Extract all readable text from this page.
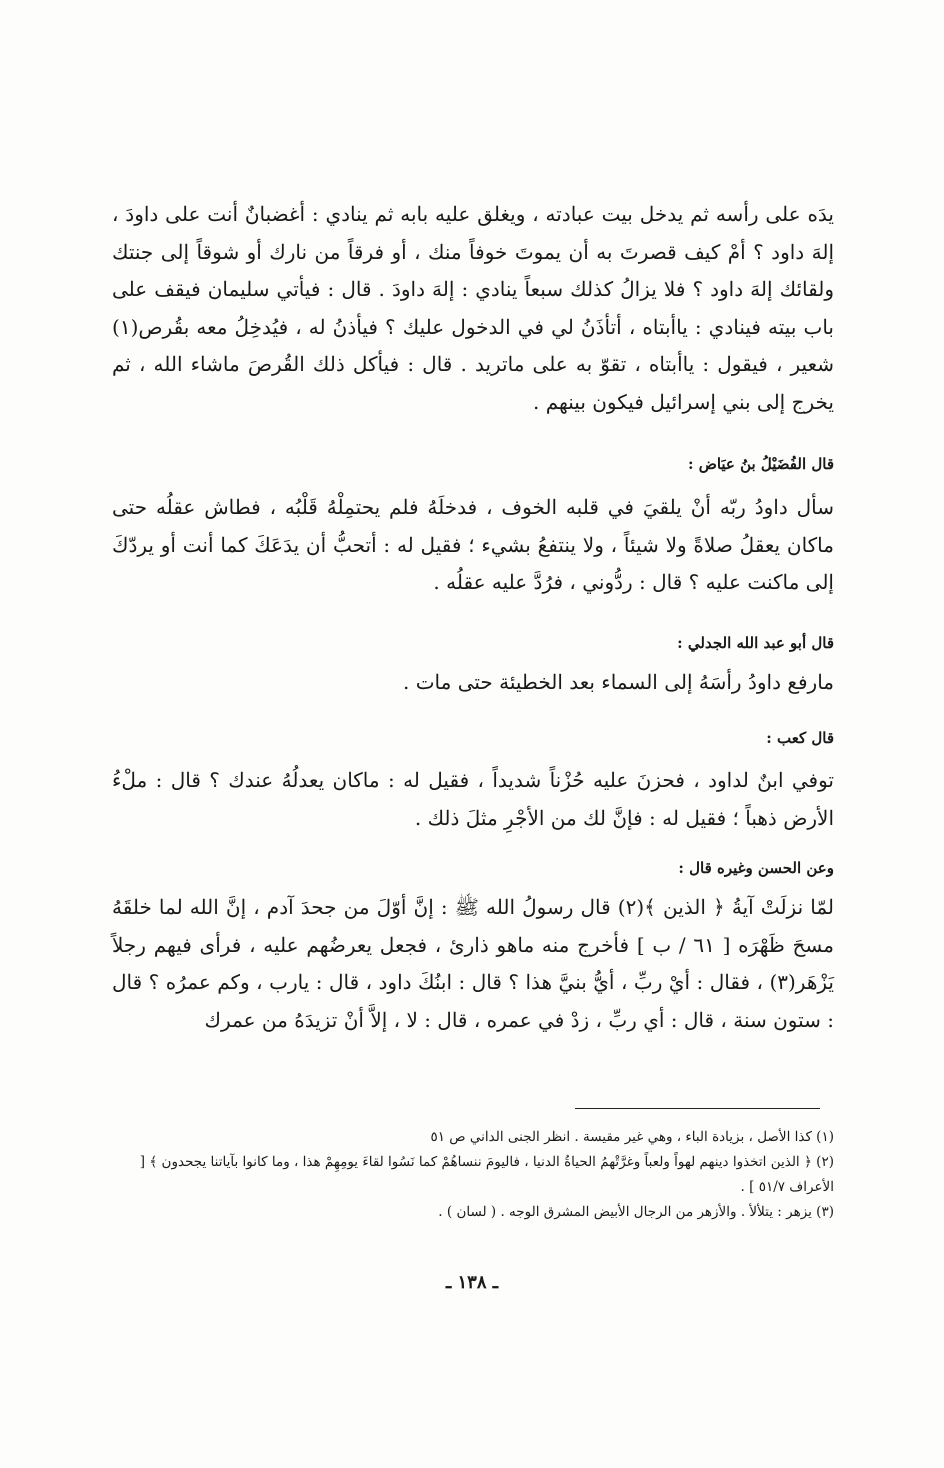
يدَه على رأسه ثم يدخل بيت عبادته ، ويغلق عليه بابه ثم ينادي : أغضبانٌ أنت على داودَ ، إلهَ داود ؟ أمْ كيف قصرتَ به أن يموتَ خوفاً منك ، أو فرقاً من نارك أو شوقاً إلى جنتك ولقائك إلهَ داود ؟ فلا يزالُ كذلك سبعاً ينادي : إلهَ داودَ . قال : فيأتي سليمان فيقف على باب بيته فينادي : ياأبتاه ، أتأذَنُ لي في الدخول عليك ؟ فيأذنُ له ، فيُدخِلُ معه بقُرص(١) شعير ، فيقول : ياأبتاه ، تقوّ به على ماتريد . قال : فيأكل ذلك القُرصَ ماشاء الله ، ثم يخرج إلى بني إسرائيل فيكون بينهم .

قال الفُضَيْلُ بنُ عيَاض :

سأل داودُ ربّه أنْ يلقيَ في قلبه الخوف ، فدخلَهُ فلم يحتمِلْهُ قَلْبُه ، فطاش عقلُه حتى ماكان يعقلُ صلاةً ولا شيئاً ، ولا ينتفعُ بشيء ؛ فقيل له : أتحبُّ أن يدَعَكَ كما أنت أو يردّكَ إلى ماكنت عليه ؟ قال : ردُّوني ، فرُدَّ عليه عقلُه .

قال أبو عبد الله الجدلي :

مارفع داودُ رأسَهُ إلى السماء بعد الخطيئة حتى مات .

قال كعب :

توفي ابنٌ لداود ، فحزنَ عليه حُزْناً شديداً ، فقيل له : ماكان يعدلُهُ عندك ؟ قال : ملْءُ الأرض ذهباً ؛ فقيل له : فإنَّ لك من الأجْرِ مثلَ ذلك .

وعن الحسن وغيره قال :

لمّا نزلَتْ آيةُ ﴿ الذين ﴾(٢) قال رسولُ الله ﷺ : إنَّ أوّلَ من جحدَ آدم ، إنَّ الله لما خلقَهُ مسحَ ظَهْرَه [ ٦١ / ب ] فأخرج منه ماهو ذارئ ، فجعل يعرضُهم عليه ، فرأى فيهم رجلاً يَزْهَر(٣) ، فقال : أيْ ربِّ ، أيُّ بنيَّ هذا ؟ قال : ابنُكَ داود ، قال : يارب ، وكم عمرُه ؟ قال : ستون سنة ، قال : أي ربِّ ، زدْ في عمره ، قال : لا ، إلاَّ أنْ تزيدَهُ من عمرك

(١) كذا الأصل ، بزيادة الباء ، وهي غير مقيسة . انظر الجنى الداني ص ٥١

(٢) ﴿ الذين اتخذوا دينهم لهواً ولعباً وغرَّتْهمُ الحياةُ الدنيا ، فاليومَ ننساهُمْ كما نَسُوا لقاءَ يومِهِمْ هذا ، وما كانوا بآياتنا يجحدون ﴾ [ الأعراف ٥١/٧ ] .

(٣) يزهر : يتلألأ . والأزهر من الرجال الأبيض المشرق الوجه . ( لسان ) .

ـ ١٣٨ ـ
